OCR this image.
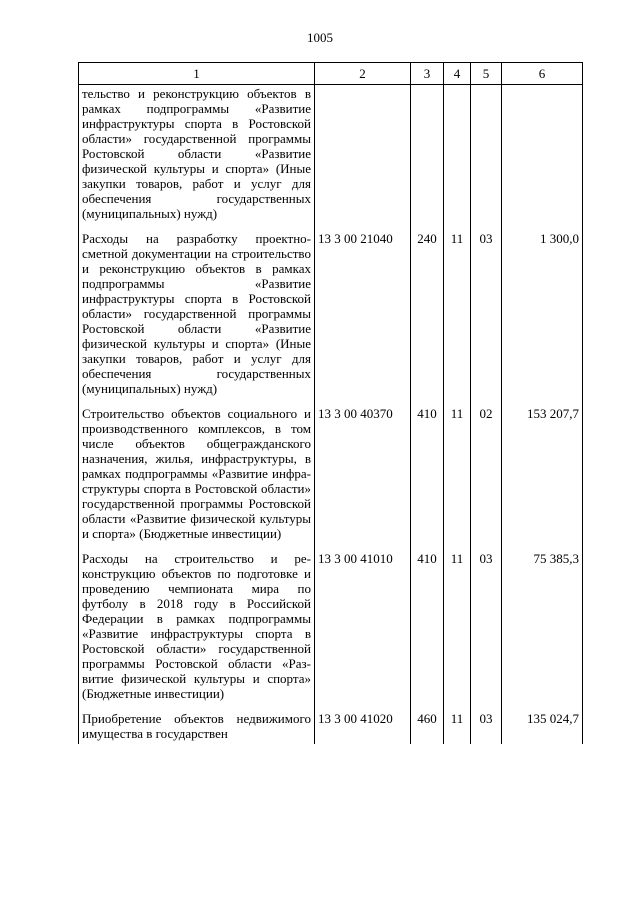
1005
1	2	3	4	5	6
тельство и реконструкцию объектов в рамках подпрограммы «Развитие инфраструктуры спорта в Ростовской области» государственной программы Ростовской области «Развитие физической культуры и спорта» (Иные закупки товаров, работ и услуг для обеспечения государственных (муниципальных) нужд)					

Расходы на разработку проектно-сметной документации на строительство и реконструкцию объектов в рамках подпрограммы «Развитие инфраструктуры спорта в Ростовской области» государственной программы Ростовской области «Развитие физической культуры и спорта» (Иные закупки товаров, работ и услуг для обеспечения государственных (муниципальных) нужд)	13 3 00 21040	240	11	03	1 300,0

Строительство объектов социального и производственного комплексов, в том числе объектов общегражданского назначения, жилья, инфраструктуры, в рамках подпрограммы «Развитие инфраструктуры спорта в Ростовской области» государственной программы Ростовской области «Развитие физической культуры и спорта» (Бюджетные инвестиции)	13 3 00 40370	410	11	02	153 207,7

Расходы на строительство и реконструкцию объектов по подготовке и проведению чемпионата мира по футболу в 2018 году в Российской Федерации в рамках подпрограммы «Развитие инфраструктуры спорта в Ростовской области» государственной программы Ростовской области «Развитие физической культуры и спорта» (Бюджетные инвестиции)	13 3 00 41010	410	11	03	75 385,3

Приобретение объектов недвижимого имущества в государствен	13 3 00 41020	460	11	03	135 024,7
